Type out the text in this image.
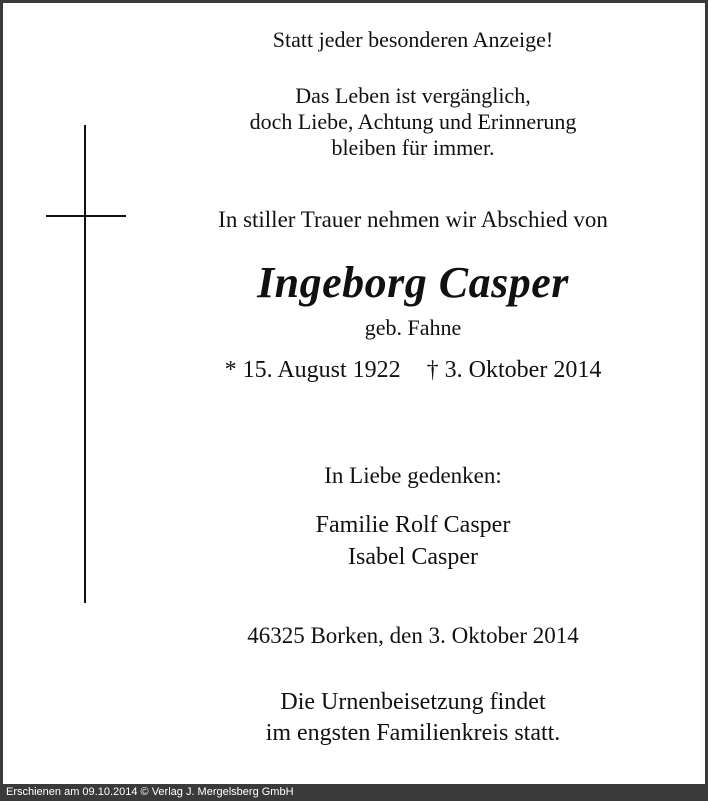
Statt jeder besonderen Anzeige!
Das Leben ist vergänglich,
doch Liebe, Achtung und Erinnerung
bleiben für immer.
In stiller Trauer nehmen wir Abschied von
Ingeborg Casper
geb. Fahne
* 15. August 1922 † 3. Oktober 2014
In Liebe gedenken:
Familie Rolf Casper
Isabel Casper
46325 Borken, den 3. Oktober 2014
Die Urnenbeisetzung findet
im engsten Familienkreis statt.
Erschienen am 09.10.2014 © Verlag J. Mergelsberg GmbH
